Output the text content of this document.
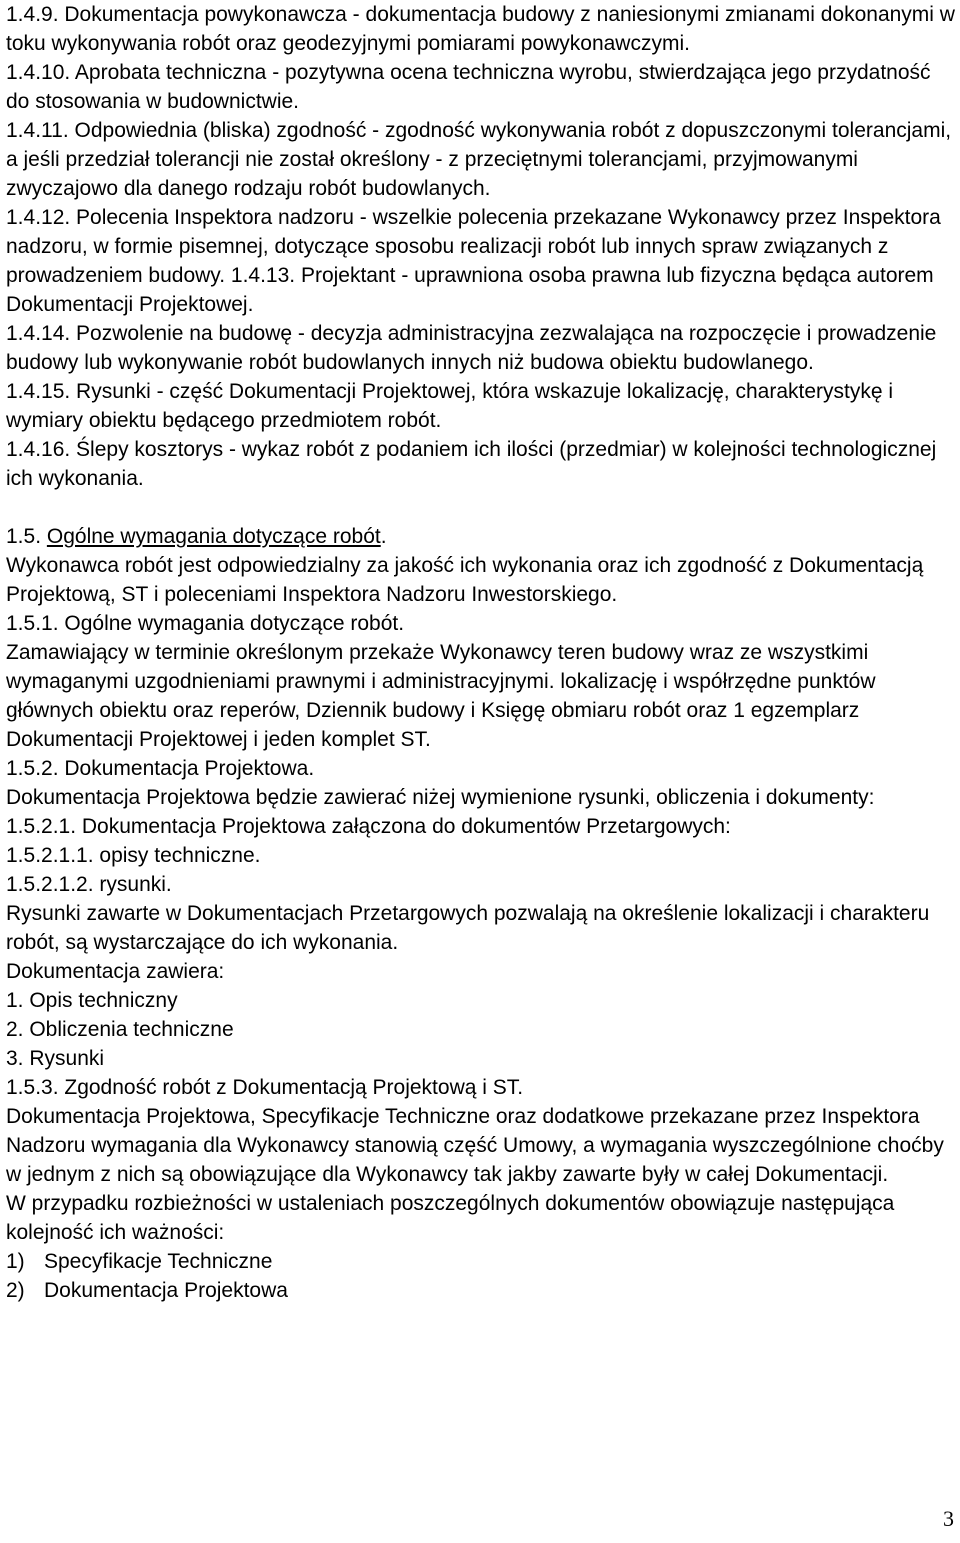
1.4.9. Dokumentacja powykonawcza - dokumentacja budowy z naniesionymi zmianami dokonanymi w toku wykonywania robót oraz geodezyjnymi pomiarami powykonawczymi.

1.4.10. Aprobata techniczna - pozytywna ocena techniczna wyrobu, stwierdzająca jego przydatność do stosowania w budownictwie.

1.4.11. Odpowiednia (bliska) zgodność - zgodność wykonywania robót z dopuszczonymi tolerancjami, a jeśli przedział tolerancji nie został określony - z przeciętnymi tolerancjami, przyjmowanymi zwyczajowo dla danego rodzaju robót budowlanych.

1.4.12. Polecenia Inspektora nadzoru - wszelkie polecenia przekazane Wykonawcy przez Inspektora nadzoru, w formie pisemnej, dotyczące sposobu realizacji robót lub innych spraw związanych z prowadzeniem budowy. 1.4.13. Projektant - uprawniona osoba prawna lub fizyczna będąca autorem Dokumentacji Projektowej.

1.4.14. Pozwolenie na budowę - decyzja administracyjna zezwalająca na rozpoczęcie i prowadzenie budowy lub wykonywanie robót budowlanych innych niż budowa obiektu budowlanego.

1.4.15. Rysunki - część Dokumentacji Projektowej, która wskazuje lokalizację, charakterystykę i wymiary obiektu będącego przedmiotem robót.

1.4.16. Ślepy kosztorys - wykaz robót z podaniem ich ilości (przedmiar) w kolejności technologicznej ich wykonania.

1.5. Ogólne wymagania dotyczące robót.

Wykonawca robót jest odpowiedzialny za jakość ich wykonania oraz ich zgodność z Dokumentacją Projektową, ST i poleceniami Inspektora Nadzoru Inwestorskiego.

1.5.1. Ogólne wymagania dotyczące robót.

Zamawiający w terminie określonym przekaże Wykonawcy teren budowy wraz ze wszystkimi wymaganymi uzgodnieniami prawnymi i administracyjnymi. lokalizację i współrzędne punktów głównych obiektu oraz reperów, Dziennik budowy i Księgę obmiaru robót oraz 1 egzemplarz Dokumentacji Projektowej i jeden komplet ST.

1.5.2. Dokumentacja Projektowa.

Dokumentacja Projektowa będzie zawierać niżej wymienione rysunki, obliczenia i dokumenty:

1.5.2.1. Dokumentacja Projektowa załączona do dokumentów Przetargowych:

1.5.2.1.1. opisy techniczne.

1.5.2.1.2. rysunki.

Rysunki zawarte w Dokumentacjach Przetargowych pozwalają na określenie lokalizacji i charakteru robót, są wystarczające do ich wykonania.

Dokumentacja zawiera:

1. Opis techniczny

2. Obliczenia techniczne

3. Rysunki

1.5.3. Zgodność robót z Dokumentacją Projektową i ST.

Dokumentacja Projektowa, Specyfikacje Techniczne oraz dodatkowe przekazane przez Inspektora Nadzoru wymagania dla Wykonawcy stanowią część Umowy, a wymagania wyszczególnione choćby w jednym z nich są obowiązujące dla Wykonawcy tak jakby zawarte były w całej Dokumentacji.

W przypadku rozbieżności w ustaleniach poszczególnych dokumentów obowiązuje następująca kolejność ich ważności:

1) Specyfikacje Techniczne

2) Dokumentacja Projektowa

3
